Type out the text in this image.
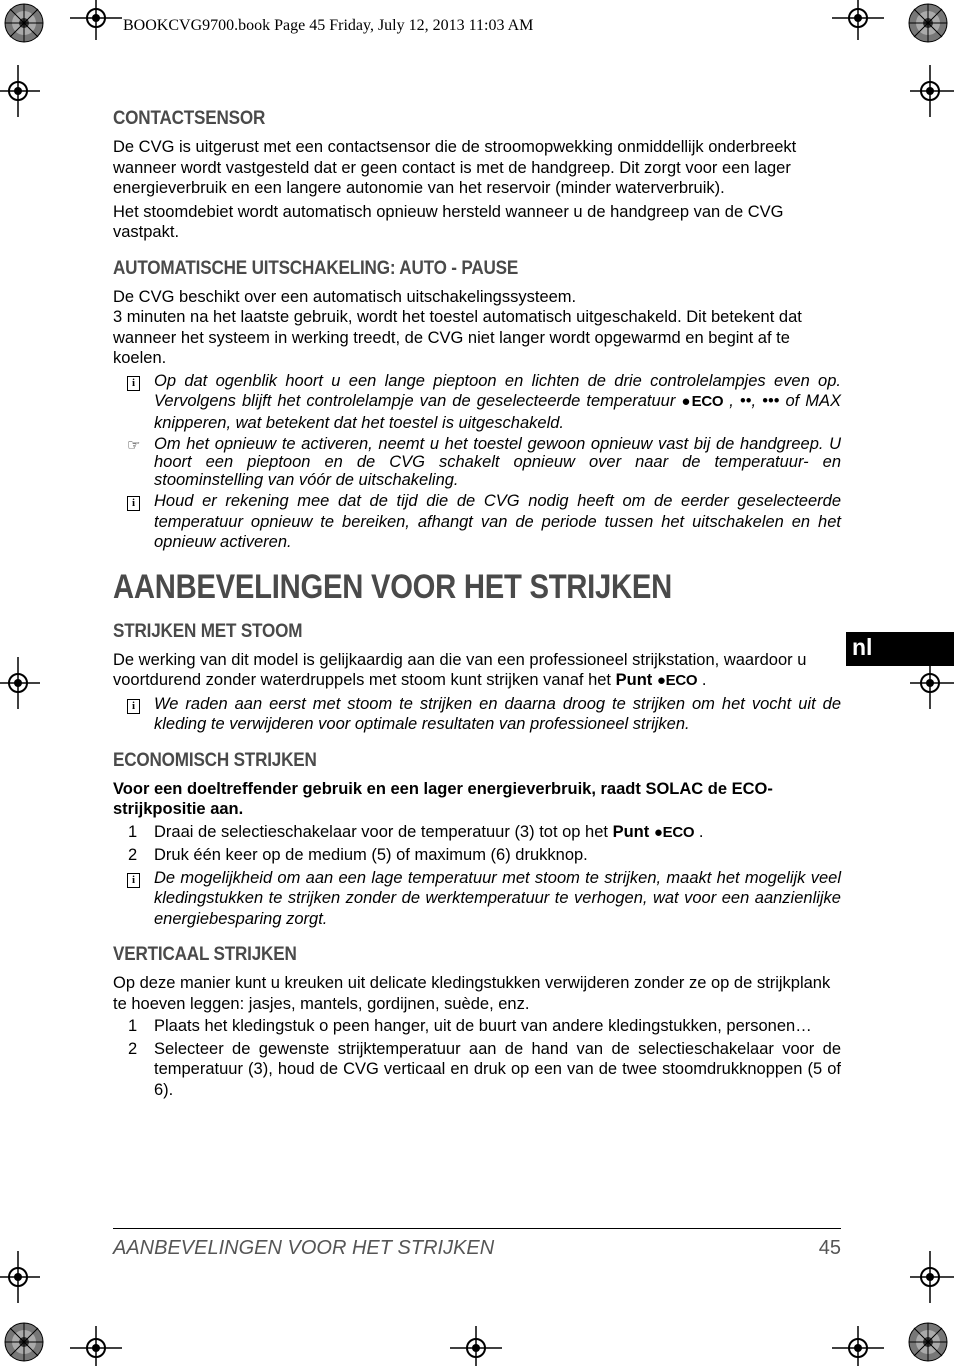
BOOKCVG9700.book Page 45 Friday, July 12, 2013 11:03 AM
nl
CONTACTSENSOR

De CVG is uitgerust met een contactsensor die de stroomopwekking onmiddellijk onderbreekt wanneer wordt vastgesteld dat er geen contact is met de handgreep. Dit zorgt voor een lager energieverbruik en een langere autonomie van het reservoir (minder waterverbruik).

Het stoomdebiet wordt automatisch opnieuw hersteld wanneer u de handgreep van de CVG vastpakt.

AUTOMATISCHE UITSCHAKELING: AUTO - PAUSE

De CVG beschikt over een automatisch uitschakelingssysteem.

3 minuten na het laatste gebruik, wordt het toestel automatisch uitgeschakeld. Dit betekent dat wanneer het systeem in werking treedt, de CVG niet langer wordt opgewarmd en begint af te koelen.

i	Op dat ogenblik hoort u een lange pieptoon en lichten de drie controlelampjes even op. Vervolgens blijft het controlelampje van de geselecteerde temperatuur ●ECO , ••, ••• of MAX knipperen, wat betekent dat het toestel is uitgeschakeld.
☞ Om het opnieuw te activeren, neemt u het toestel gewoon opnieuw vast bij de handgreep. U hoort een pieptoon en de CVG schakelt opnieuw over naar de temperatuur- en stoominstelling van vóór de uitschakeling.
i	Houd er rekening mee dat de tijd die de CVG nodig heeft om de eerder geselecteerde temperatuur opnieuw te bereiken, afhangt van de periode tussen het uitschakelen en het opnieuw activeren.
AANBEVELINGEN VOOR HET STRIJKEN
STRIJKEN MET STOOM

De werking van dit model is gelijkaardig aan die van een professioneel strijkstation, waardoor u voortdurend zonder waterdruppels met stoom kunt strijken vanaf het Punt ●ECO .

i	We raden aan eerst met stoom te strijken en daarna droog te strijken om het vocht uit de kleding te verwijderen voor optimale resultaten van professioneel strijken.
ECONOMISCH STRIJKEN

Voor een doeltreffender gebruik en een lager energieverbruik, raadt SOLAC de ECO-strijkpositie aan.

1	Draai de selectieschakelaar voor de temperatuur (3) tot op het Punt ●ECO .
2	Druk één keer op de medium (5) of maximum (6) drukknop.
i	De mogelijkheid om aan een lage temperatuur met stoom te strijken, maakt het mogelijk veel kledingstukken te strijken zonder de werktemperatuur te verhogen, wat voor een aanzienlijke energiebesparing zorgt.
VERTICAAL STRIJKEN

Op deze manier kunt u kreuken uit delicate kledingstukken verwijderen zonder ze op de strijkplank te hoeven leggen: jasjes, mantels, gordijnen, suède, enz.

1	Plaats het kledingstuk o peen hanger, uit de buurt van andere kledingstukken, personen…
2	Selecteer de gewenste strijktemperatuur aan de hand van de selectieschakelaar voor de temperatuur (3), houd de CVG verticaal en druk op een van de twee stoomdrukknoppen (5 of 6).
AANBEVELINGEN VOOR HET STRIJKEN	45
